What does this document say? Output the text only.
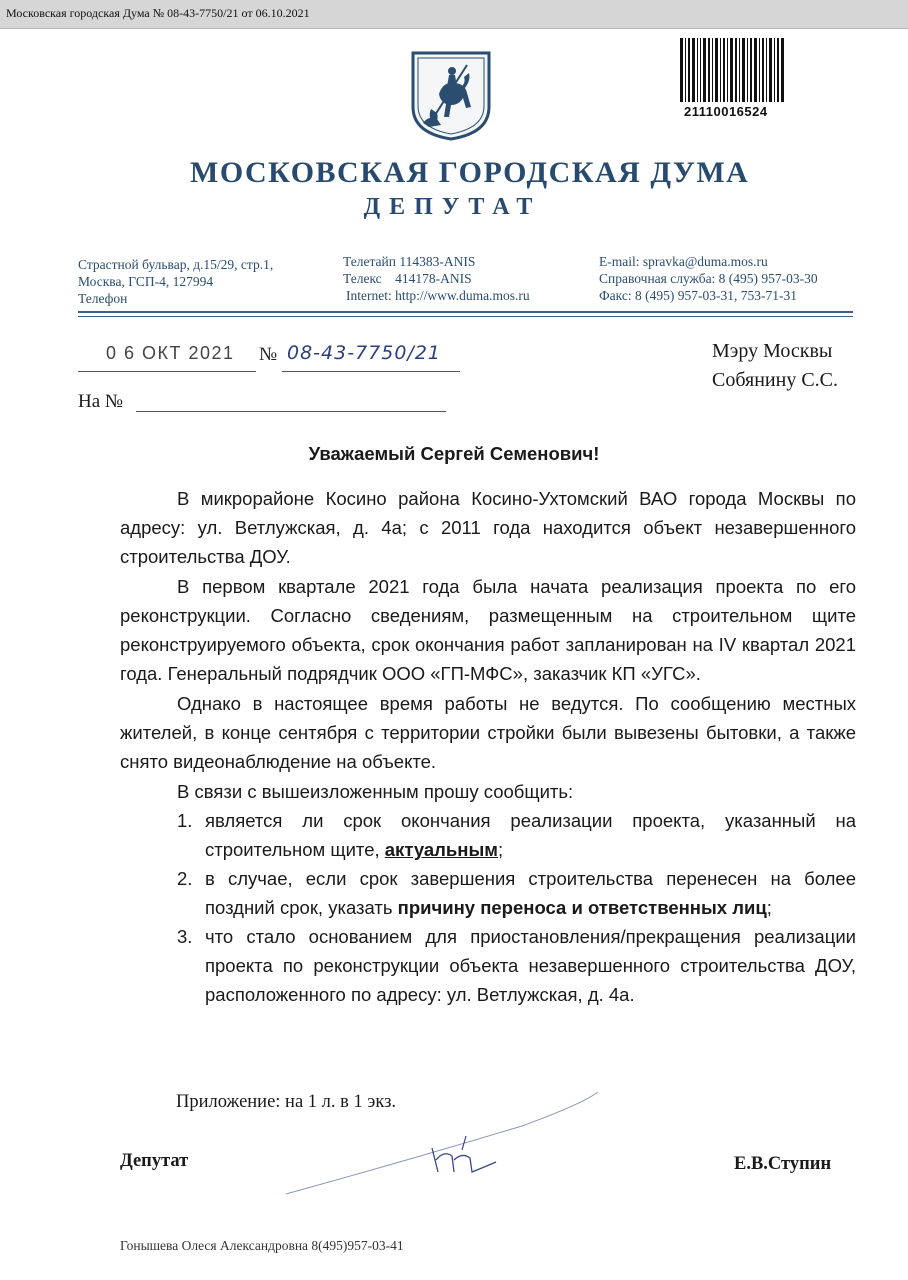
Московская городская Дума № 08-43-7750/21 от 06.10.2021
21110016524
МОСКОВСКАЯ ГОРОДСКАЯ ДУМА
ДЕПУТАТ
Страстной бульвар, д.15/29, стр.1,
Москва, ГСП-4, 127994
Телефон
Телетайп 114383-ANIS
Телекс    414178-ANIS
Internet: http://www.duma.mos.ru
E-mail: spravka@duma.mos.ru
Справочная служба: 8 (495) 957-03-30
Факс: 8 (495) 957-03-31, 753-71-31
0 6 ОКТ 2021 № 08-43-7750/21
На №
Мэру Москвы
Собянину С.С.
Уважаемый Сергей Семенович!

В микрорайоне Косино района Косино-Ухтомский ВАО города Москвы по адресу: ул. Ветлужская, д. 4а; с 2011 года находится объект незавершенного строительства ДОУ.

В первом квартале 2021 года была начата реализация проекта по его реконструкции. Согласно сведениям, размещенным на строительном щите реконструируемого объекта, срок окончания работ запланирован на IV квартал 2021 года. Генеральный подрядчик ООО «ГП-МФС», заказчик КП «УГС».

Однако в настоящее время работы не ведутся. По сообщению местных жителей, в конце сентября с территории стройки были вывезены бытовки, а также снято видеонаблюдение на объекте.

В связи с вышеизложенным прошу сообщить:

1. является ли срок окончания реализации проекта, указанный на строительном щите, актуальным;
2. в случае, если срок завершения строительства перенесен на более поздний срок, указать причину переноса и ответственных лиц;
3. что стало основанием для приостановления/прекращения реализации проекта по реконструкции объекта незавершенного строительства ДОУ, расположенного по адресу: ул. Ветлужская, д. 4а.
Приложение: на 1 л. в 1 экз.
Депутат	Е.В.Ступин
Гонышева Олеся Александровна 8(495)957-03-41
